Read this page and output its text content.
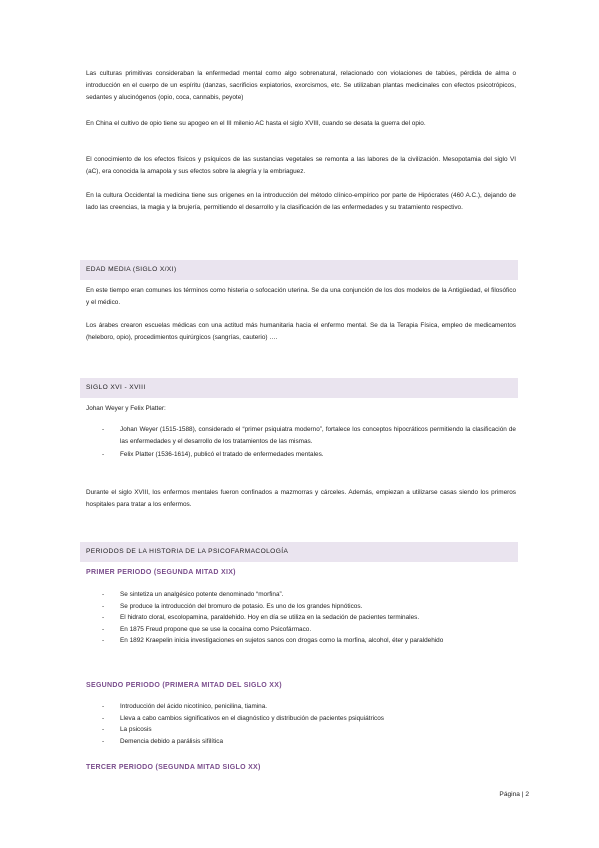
Las culturas primitivas consideraban la enfermedad mental como algo sobrenatural, relacionado con violaciones de tabúes, pérdida de alma o introducción en el cuerpo de un espíritu (danzas, sacrificios expiatorios, exorcismos, etc. Se utilizaban plantas medicinales con efectos psicotrópicos, sedantes y alucinógenos (opio, coca, cannabis, peyote)
En China el cultivo de opio tiene su apogeo en el III milenio AC hasta el siglo XVIII, cuando se desata la guerra del opio.
El conocimiento de los efectos físicos y psíquicos de las sustancias vegetales se remonta a las labores de la civilización. Mesopotamia del siglo VI (aC), era conocida la amapola y sus efectos sobre la alegría y la embriaguez.
En la cultura Occidental la medicina tiene sus orígenes en la introducción del método clínico-empírico por parte de Hipócrates (460 A.C.), dejando de lado las creencias, la magia y la brujería, permitiendo el desarrollo y la clasificación de las enfermedades y su tratamiento respectivo.
EDAD MEDIA (SIGLO X/XI)
En este tiempo eran comunes los términos como histeria o sofocación uterina. Se da una conjunción de los dos modelos de la Antigüedad, el filosófico y el médico.
Los árabes crearon escuelas médicas con una actitud más humanitaria hacia el enfermo mental. Se da la Terapia Física, empleo de medicamentos (heleboro, opio), procedimientos quirúrgicos (sangrías, cauterio) ….
SIGLO XVI - XVIII
Johan Weyer y Felix Platter:
- Johan Weyer (1515-1588), considerado el “primer psiquiatra moderno”, fortalece los conceptos hipocráticos permitiendo la clasificación de las enfermedades y el desarrollo de los tratamientos de las mismas.
- Felix Platter (1536-1614), publicó el tratado de enfermedades mentales.
Durante el siglo XVIII, los enfermos mentales fueron confinados a mazmorras y cárceles. Además, empiezan a utilizarse casas siendo los primeros hospitales para tratar a los enfermos.
PERIODOS DE LA HISTORIA DE LA PSICOFARMACOLOGÍA
PRIMER PERIODO (SEGUNDA MITAD XIX)
- Se sintetiza un analgésico potente denominado “morfina”.
- Se produce la introducción del bromuro de potasio. Es uno de los grandes hipnóticos.
- El hidrato cloral, escolopamina, paraldehido. Hoy en día se utiliza en la sedación de pacientes terminales.
- En 1875 Freud propone que se use la cocaína como Psicofármaco.
- En 1892 Kraepelin inicia investigaciones en sujetos sanos con drogas como la morfina, alcohol, éter y paraldehido
SEGUNDO PERIODO (PRIMERA MITAD DEL SIGLO XX)
- Introducción del ácido nicotínico, penicilina, tiamina.
- Lleva a cabo cambios significativos en el diagnóstico y distribución de pacientes psiquiátricos
- La psicosis
- Demencia debido a parálisis sifilítica
TERCER PERIODO (SEGUNDA MITAD SIGLO XX)
Página | 2
